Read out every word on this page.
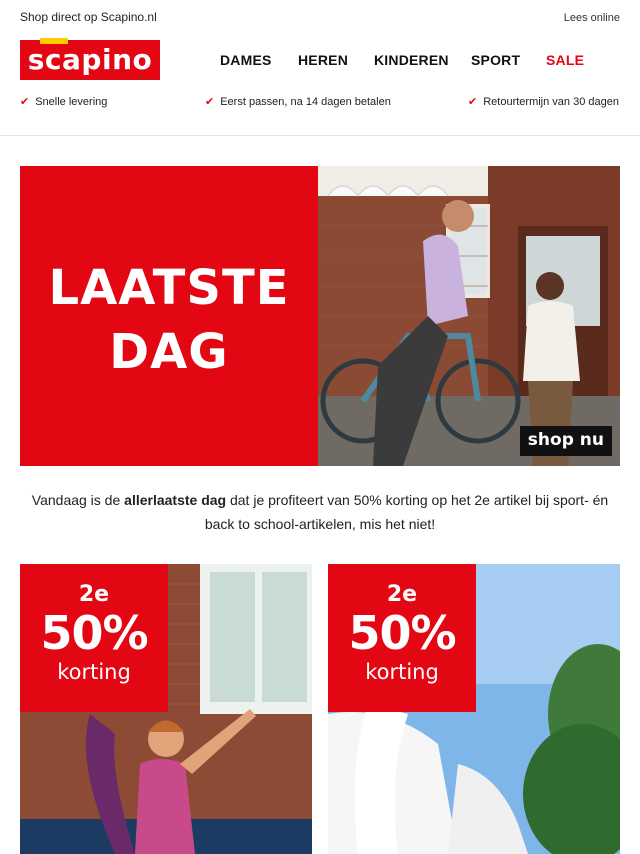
Shop direct op Scapino.nl	Lees online
scapino	DAMES HEREN KINDEREN SPORT SALE
✔ Snelle levering	✔ Eerst passen, na 14 dagen betalen	✔ Retourtermijn van 30 dagen
LAATSTE
DAG
shop nu

Vandaag is de allerlaatste dag dat je profiteert van 50% korting op het 2e artikel bij sport- én back to school-artikelen, mis het niet!

2e
50%
korting
2e
50%
korting
